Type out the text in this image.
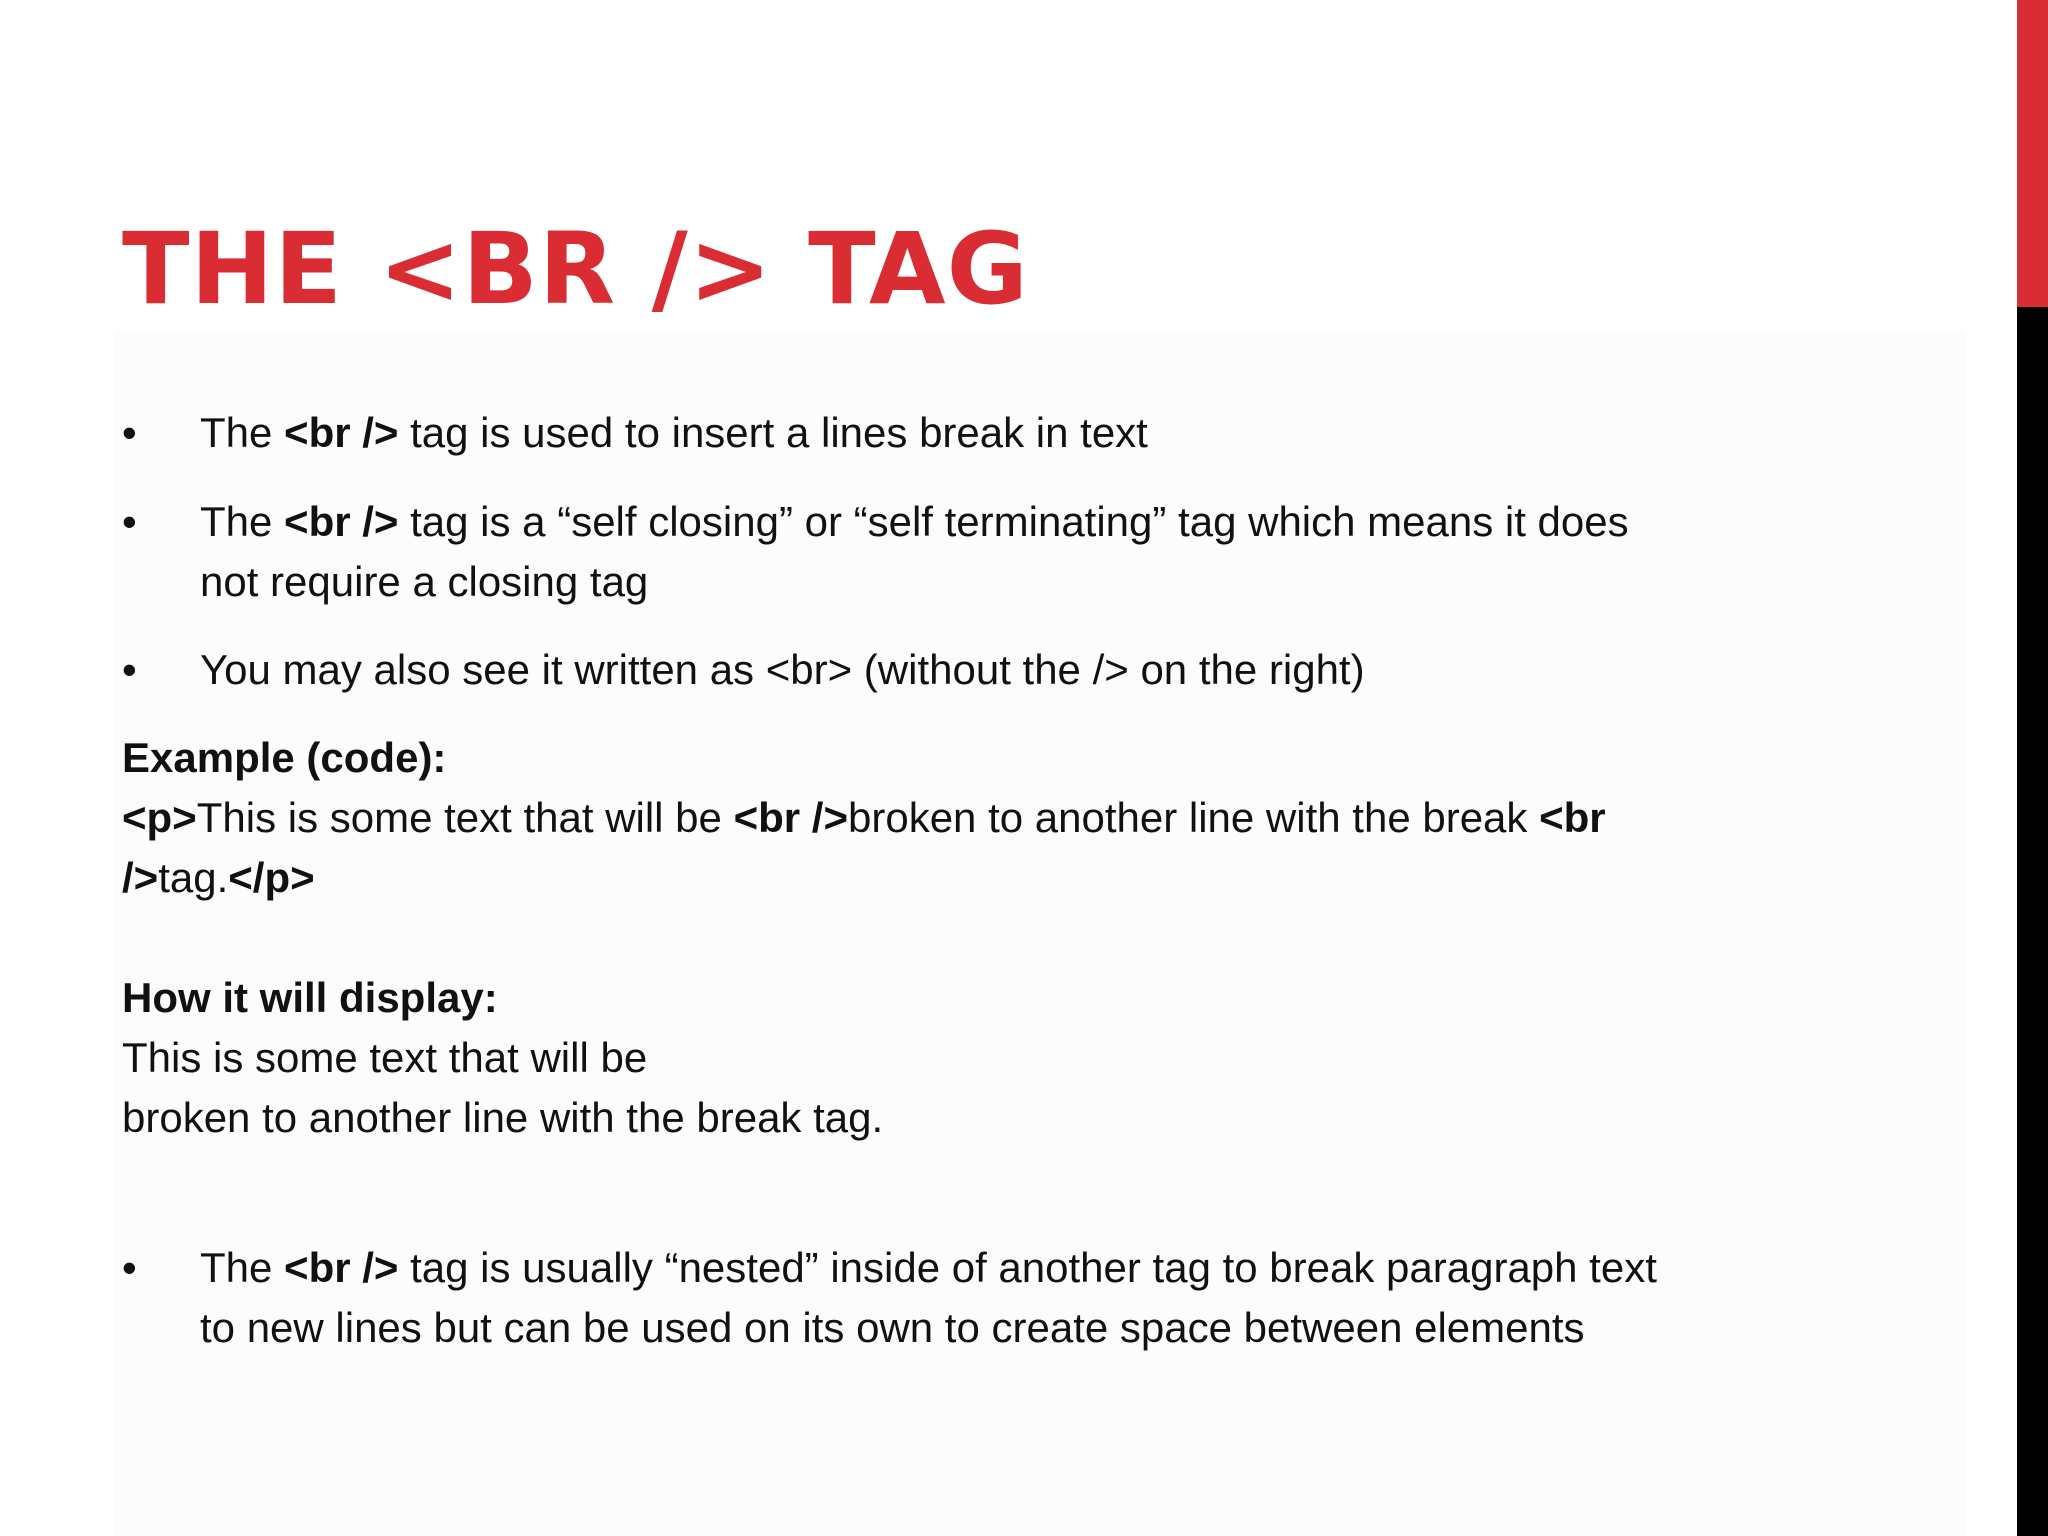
THE <BR /> TAG
•	The <br /> tag is used to insert a lines break in text
•	The <br /> tag is a “self closing” or “self terminating” tag which means it does
not require a closing tag
•	You may also see it written as <br> (without the /> on the right)
Example (code):
<p>This is some text that will be <br />broken to another line with the break <br
/>tag.</p>
How it will display:
This is some text that will be
broken to another line with the break tag.
•	The <br /> tag is usually “nested” inside of another tag to break paragraph text
to new lines but can be used on its own to create space between elements
